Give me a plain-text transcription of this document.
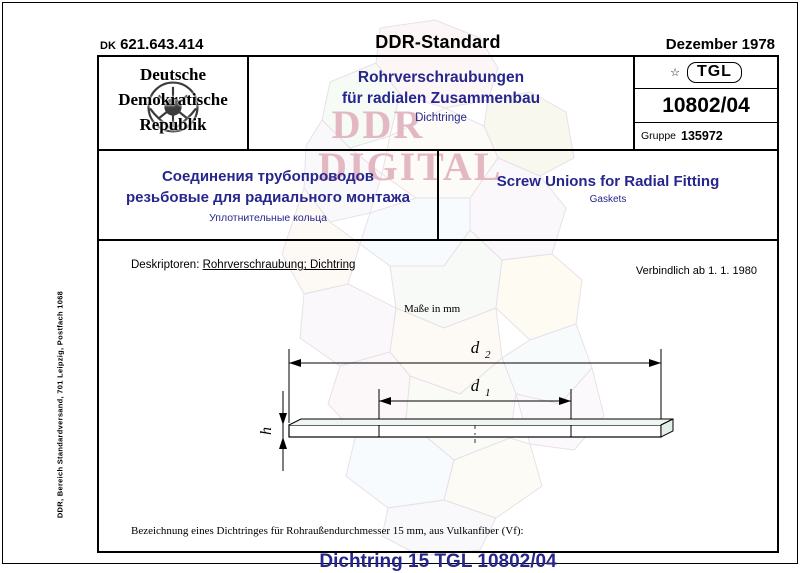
DDR DIGITAL
DDR, Bereich Standardversand, 701 Leipzig, Postfach 1068
DK 621.643.414	DDR-Standard	Dezember 1978
Deutsche
Demokratische
Republik
Rohrverschraubungen
für radialen Zusammenbau
Dichtringe
☆	TGL
10802/04
Gruppe 135972
Соединения трубопроводов
резьбовые для радиального монтажа
Уплотнительные кольца
Screw Unions for Radial Fitting
Gaskets
Deskriptoren: Rohrverschraubung; Dichtring	Verbindlich ab 1. 1. 1980
Maße in mm
d 2
d 1
h
Bezeichnung eines Dichtringes für Rohraußendurchmesser 15 mm, aus Vulkanfiber (Vf):
Dichtring 15 TGL 10802/04
